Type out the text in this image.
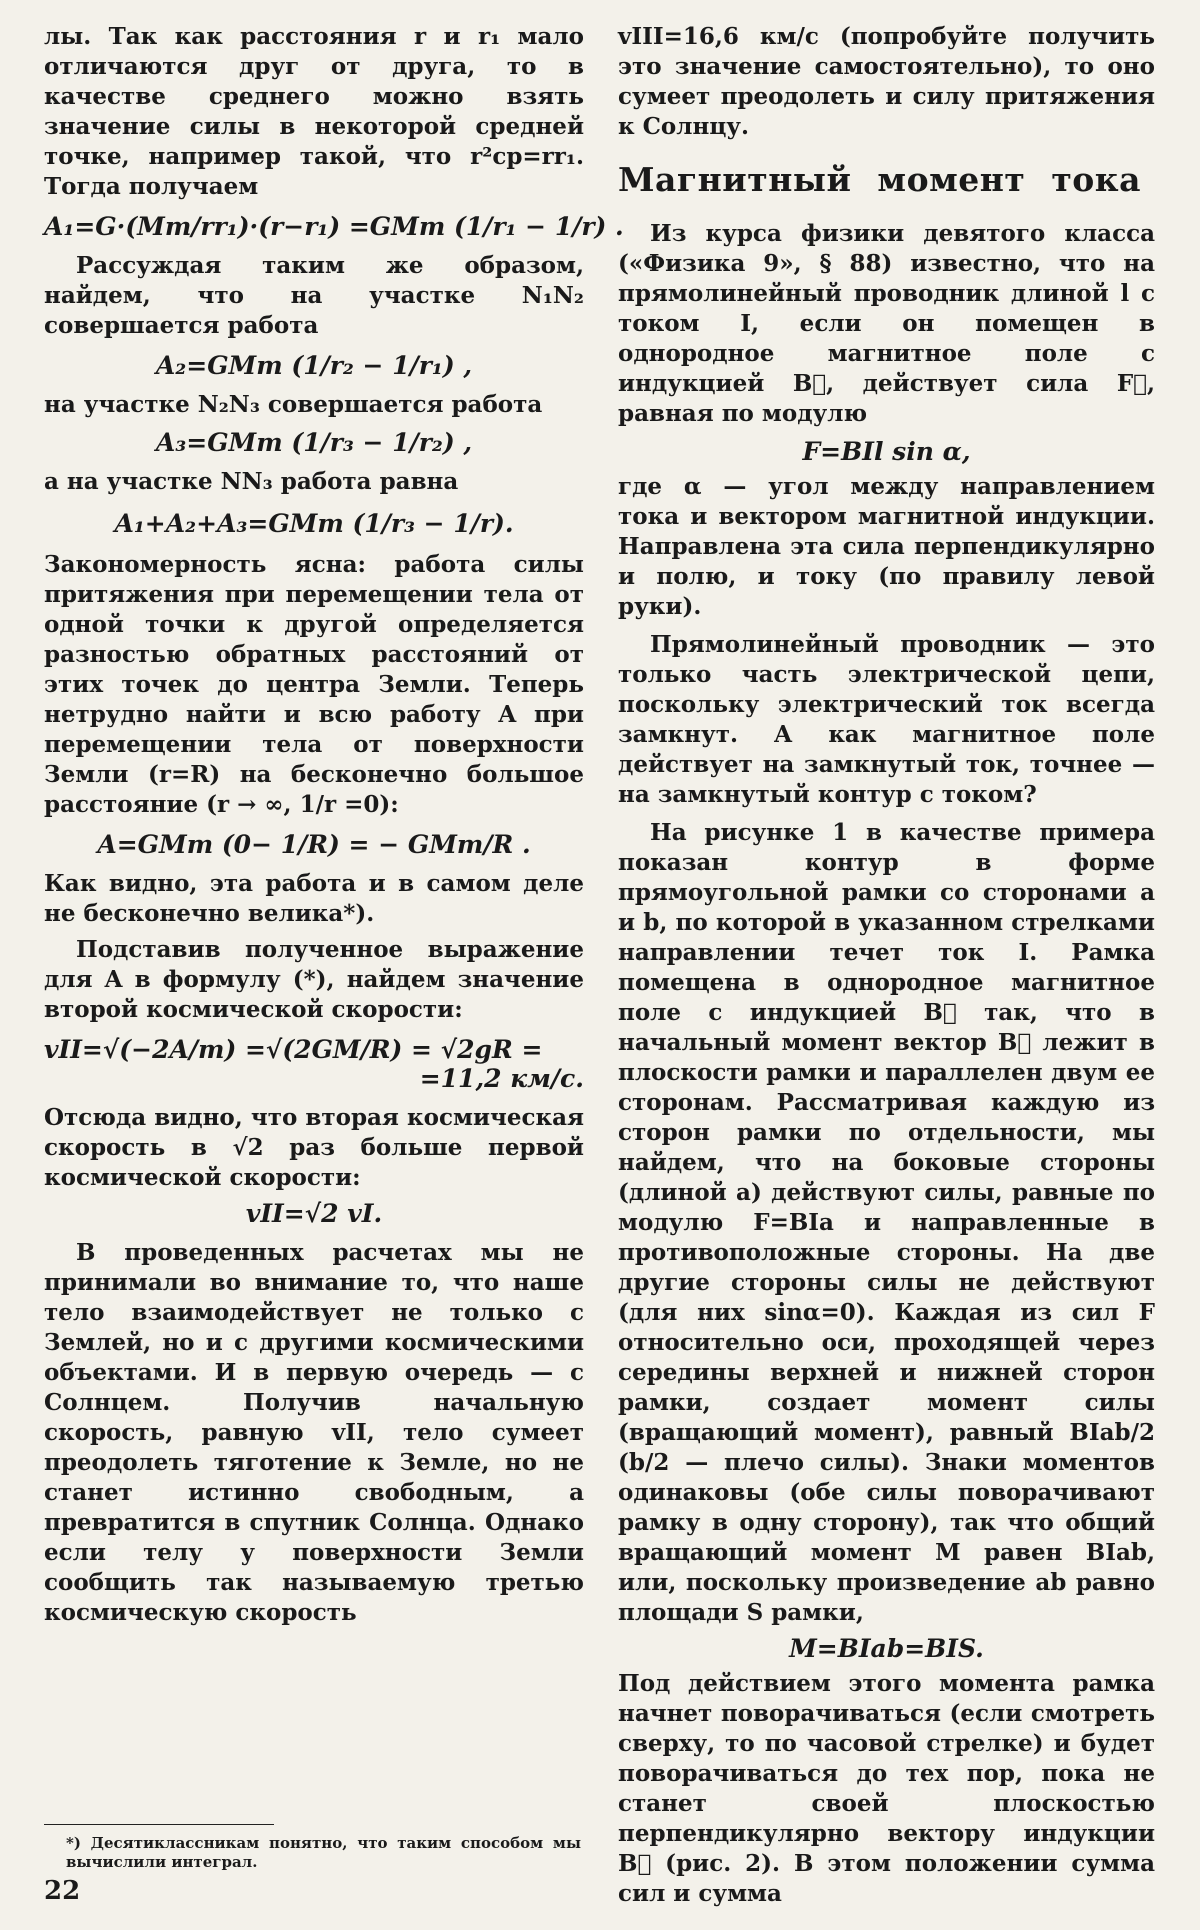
лы. Так как расстояния r и r₁ мало отличаются друг от друга, то в качестве среднего можно взять значение силы в некоторой средней точке, например такой, что r²ср=rr₁. Тогда получаем

A₁=G·(Mm/rr₁)·(r−r₁) =GMm (1/r₁ − 1/r) .

Рассуждая таким же образом, найдем, что на участке N₁N₂ совершается работа

A₂=GMm (1/r₂ − 1/r₁) ,

на участке N₂N₃ совершается работа

A₃=GMm (1/r₃ − 1/r₂) ,

а на участке NN₃ работа равна

A₁+A₂+A₃=GMm (1/r₃ − 1/r).

Закономерность ясна: работа силы притяжения при перемещении тела от одной точки к другой определяется разностью обратных расстояний от этих точек до центра Земли. Теперь нетрудно найти и всю работу A при перемещении тела от поверхности Земли (r=R) на бесконечно большое расстояние (r → ∞, 1/r =0):

A=GMm (0− 1/R) = − GMm/R .

Как видно, эта работа и в самом деле не бесконечно велика*).

Подставив полученное выражение для A в формулу (*), найдем значение второй космической скорости:

vII=√(−2A/m) =√(2GM/R) = √2gR =

=11,2 км/с.

Отсюда видно, что вторая космическая скорость в √2 раз больше первой космической скорости:

vII=√2 vI.

В проведенных расчетах мы не принимали во внимание то, что наше тело взаимодействует не только с Землей, но и с другими космическими объектами. И в первую очередь — с Солнцем. Получив начальную скорость, равную vII, тело сумеет преодолеть тяготение к Земле, но не станет истинно свободным, а превратится в спутник Солнца. Однако если телу у поверхности Земли сообщить так называемую третью космическую скорость

*) Десятиклассникам понятно, что таким способом мы вычислили интеграл.

vIII=16,6 км/с (попробуйте получить это значение самостоятельно), то оно сумеет преодолеть и силу притяжения к Солнцу.

Магнитный момент тока

Из курса физики девятого класса («Физика 9», § 88) известно, что на прямолинейный проводник длиной l с током I, если он помещен в однородное магнитное поле с индукцией B⃗, действует сила F⃗, равная по модулю

F=BIl sin α,

где α — угол между направлением тока и вектором магнитной индукции. Направлена эта сила перпендикулярно и полю, и току (по правилу левой руки).

Прямолинейный проводник — это только часть электрической цепи, поскольку электрический ток всегда замкнут. А как магнитное поле действует на замкнутый ток, точнее — на замкнутый контур с током?

На рисунке 1 в качестве примера показан контур в форме прямоугольной рамки со сторонами a и b, по которой в указанном стрелками направлении течет ток I. Рамка помещена в однородное магнитное поле с индукцией B⃗ так, что в начальный момент вектор B⃗ лежит в плоскости рамки и параллелен двум ее сторонам. Рассматривая каждую из сторон рамки по отдельности, мы найдем, что на боковые стороны (длиной a) действуют силы, равные по модулю F=BIa и направленные в противоположные стороны. На две другие стороны силы не действуют (для них sinα=0). Каждая из сил F относительно оси, проходящей через середины верхней и нижней сторон рамки, создает момент силы (вращающий момент), равный BIab/2 (b/2 — плечо силы). Знаки моментов одинаковы (обе силы поворачивают рамку в одну сторону), так что общий вращающий момент M равен BIab, или, поскольку произведение ab равно площади S рамки,

M=BIab=BIS.

Под действием этого момента рамка начнет поворачиваться (если смотреть сверху, то по часовой стрелке) и будет поворачиваться до тех пор, пока не станет своей плоскостью перпендикулярно вектору индукции B⃗ (рис. 2). В этом положении сумма сил и сумма

22
